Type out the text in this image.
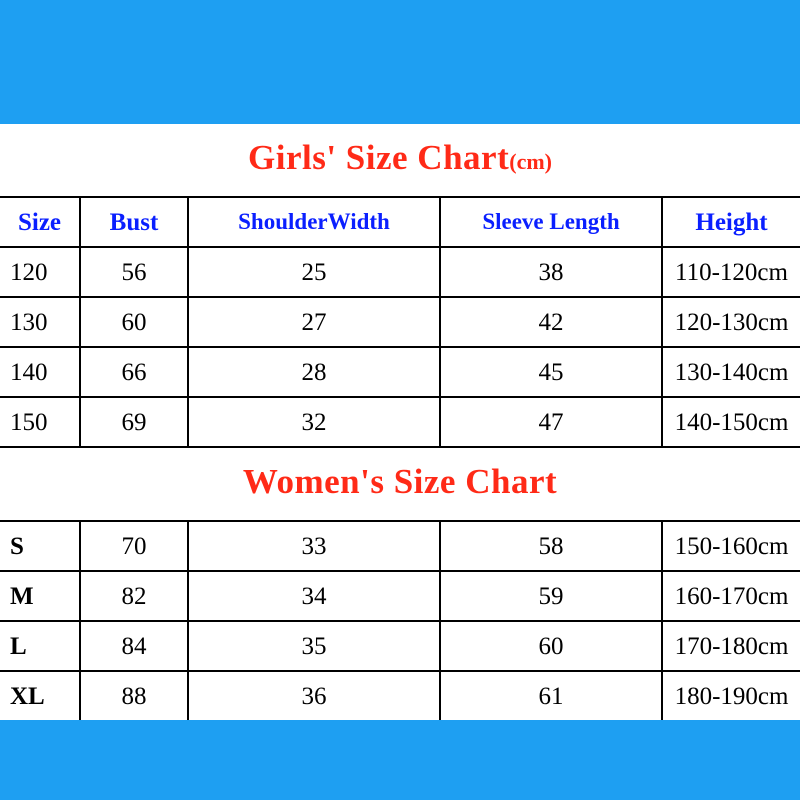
Girls' Size Chart(cm)				
Size	Bust	ShoulderWidth	Sleeve Length	Height
120	56	25	38	110-120cm
130	60	27	42	120-130cm
140	66	28	45	130-140cm
150	69	32	47	140-150cm
Women's Size Chart				
S	70	33	58	150-160cm
M	82	34	59	160-170cm
L	84	35	60	170-180cm
XL	88	36	61	180-190cm
